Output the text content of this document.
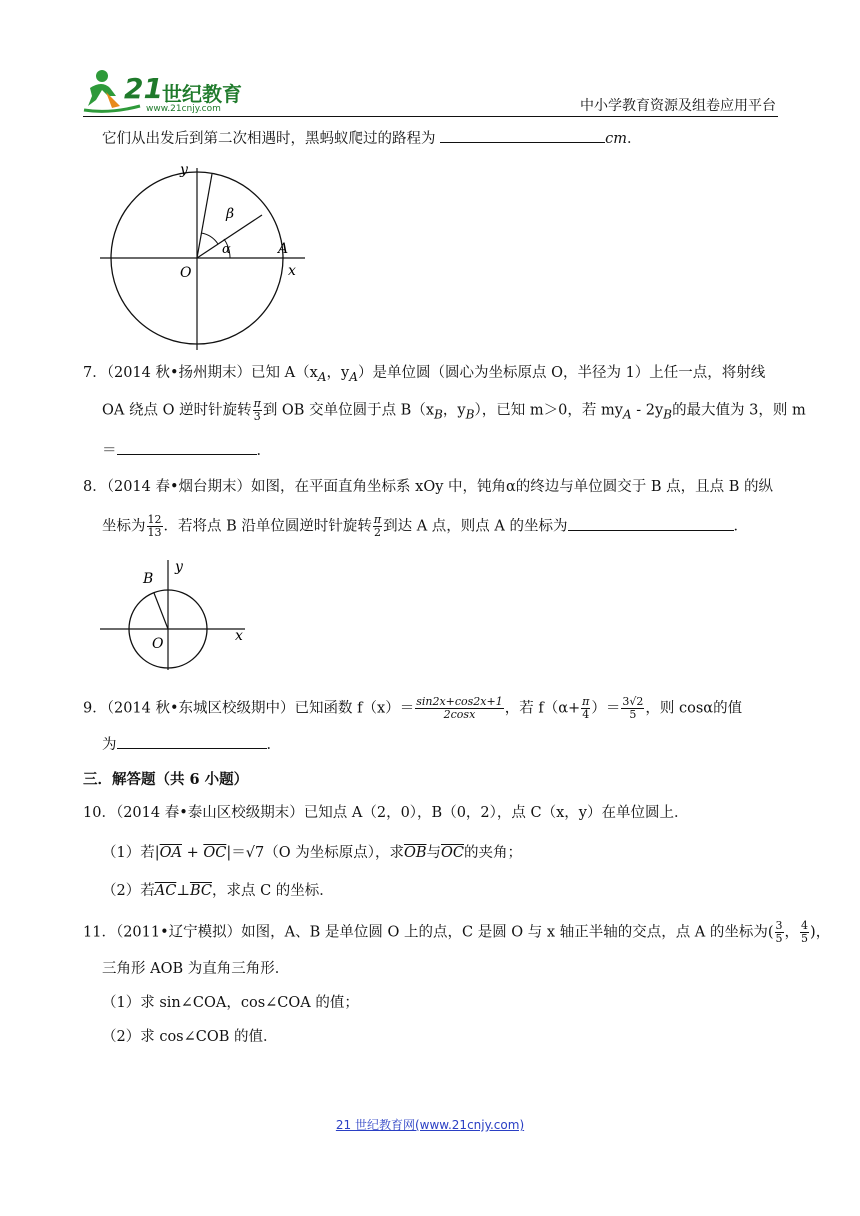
21 世纪教育
www.21cnjy.com	中小学教育资源及组卷应用平台
它们从出发后到第二次相遇时，黑蚂蚁爬过的路程为	cm．
y
β
α	A
O	x
7．（2014 秋•扬州期末）已知 $A(x_A$，$y_A$）是单位圆（圆心为坐标原点 O，半径为 1）上任一点，将射线
OA 绕点 O 逆时针旋转 $\frac{\pi}{3}$ 到 OB 交单位圆于点 $B(x_B$，$y_B$），已知 m＞0，若 $my_A - 2y_B$的最大值为 3，则 m
＝	．
8．（2014 春•烟台期末）如图，在平面直角坐标系 xOy 中，钝角α的终边与单位圆交于 B 点，且点 B 的纵
坐标为 $\frac{12}{13}$ ．若将点 B 沿单位圆逆时针旋转 $\frac{\pi}{2}$ 到达 A 点，则点 A 的坐标为	．
B
y
O	x
9．（2014 秋•东城区校级期中）已知函数 $f(x)= \frac{\sin 2x+\cos 2x+1}{2\cos x}$ ，若 $f(\alpha+ \frac{\pi}{4}$ ）＝ $\frac{3√2}{5}$ ，则 cosα的值
为	．
三．解答题（共 6 小题）
10．（2014 春•泰山区校级期末）已知点 A（2，0），B（0，2），点 C（x，y）在单位圆上．
（1）若$|\overline{OA} + \overline{OC}|=√7(O$ 为坐标原点），求$\overline{OB}$与$\overline{OC}$的夹角；
（2）若$\overline{AC}\perp\overline{BC}$，求点 C 的坐标．
11．（2011•辽宁模拟）如图，A、B 是单位圆 O 上的点，C 是圆 O 与 x 轴正半轴的交点，点 A 的坐标为( $\frac{3}{5}$ ， $\frac{4}{5}$ )，
三角形 AOB 为直角三角形．
（1）求 sin∠COA，cos∠COA 的值；
（2）求 cos∠COB 的值．
21 世纪教育网(www.21cnjy.com)
